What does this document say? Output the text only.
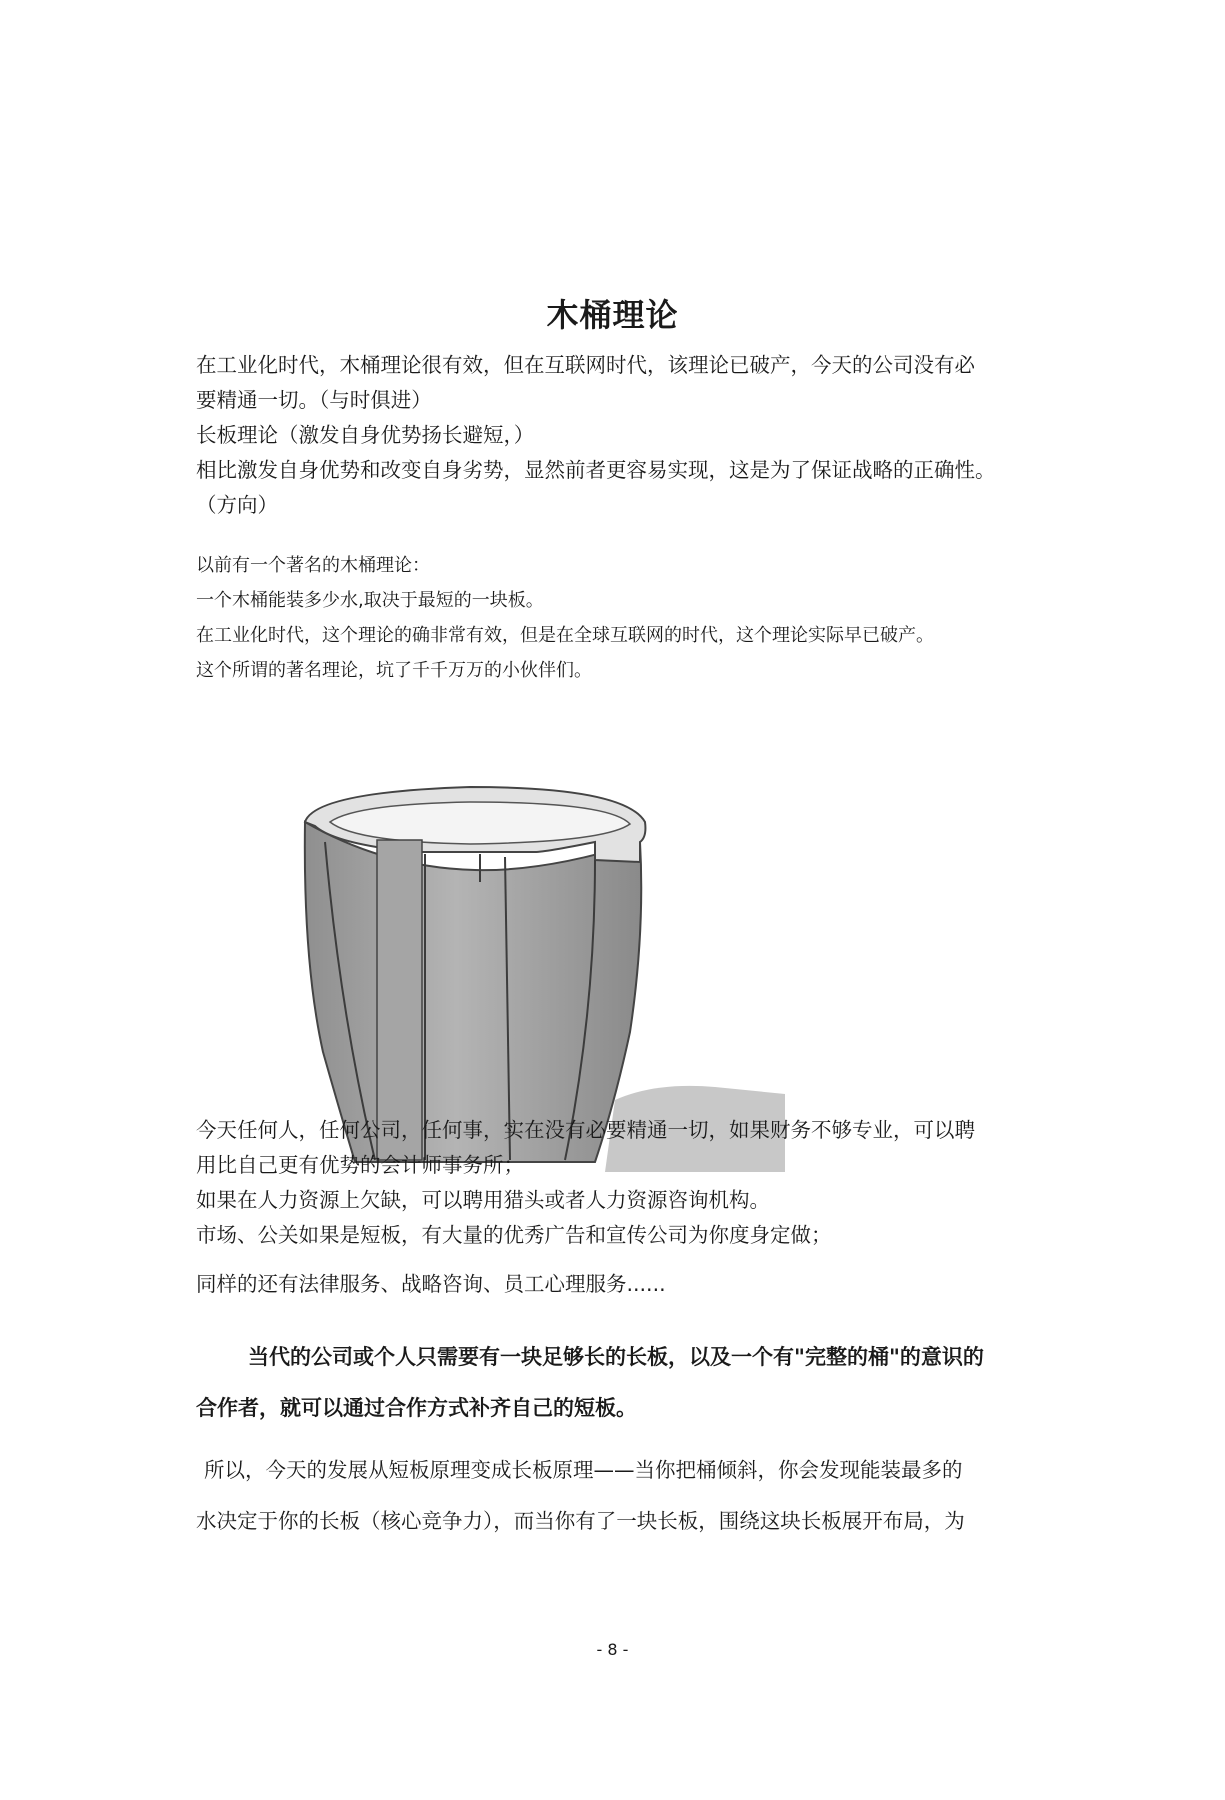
木桶理论
在工业化时代，木桶理论很有效，但在互联网时代，该理论已破产，今天的公司没有必
要精通一切。（与时俱进）
长板理论（激发自身优势扬长避短，）
相比激发自身优势和改变自身劣势，显然前者更容易实现，这是为了保证战略的正确性。
（方向）
以前有一个著名的木桶理论：
一个木桶能装多少水,取决于最短的一块板。
在工业化时代，这个理论的确非常有效，但是在全球互联网的时代，这个理论实际早已破产。
这个所谓的著名理论，坑了千千万万的小伙伴们。
今天任何人，任何公司，任何事，实在没有必要精通一切，如果财务不够专业，可以聘
用比自己更有优势的会计师事务所；
如果在人力资源上欠缺，可以聘用猎头或者人力资源咨询机构。
市场、公关如果是短板，有大量的优秀广告和宣传公司为你度身定做；
同样的还有法律服务、战略咨询、员工心理服务......
当代的公司或个人只需要有一块足够长的长板，以及一个有"完整的桶"的意识的
合作者，就可以通过合作方式补齐自己的短板。
所以，今天的发展从短板原理变成长板原理——当你把桶倾斜，你会发现能装最多的
水决定于你的长板（核心竞争力），而当你有了一块长板，围绕这块长板展开布局，为
- 8 -
